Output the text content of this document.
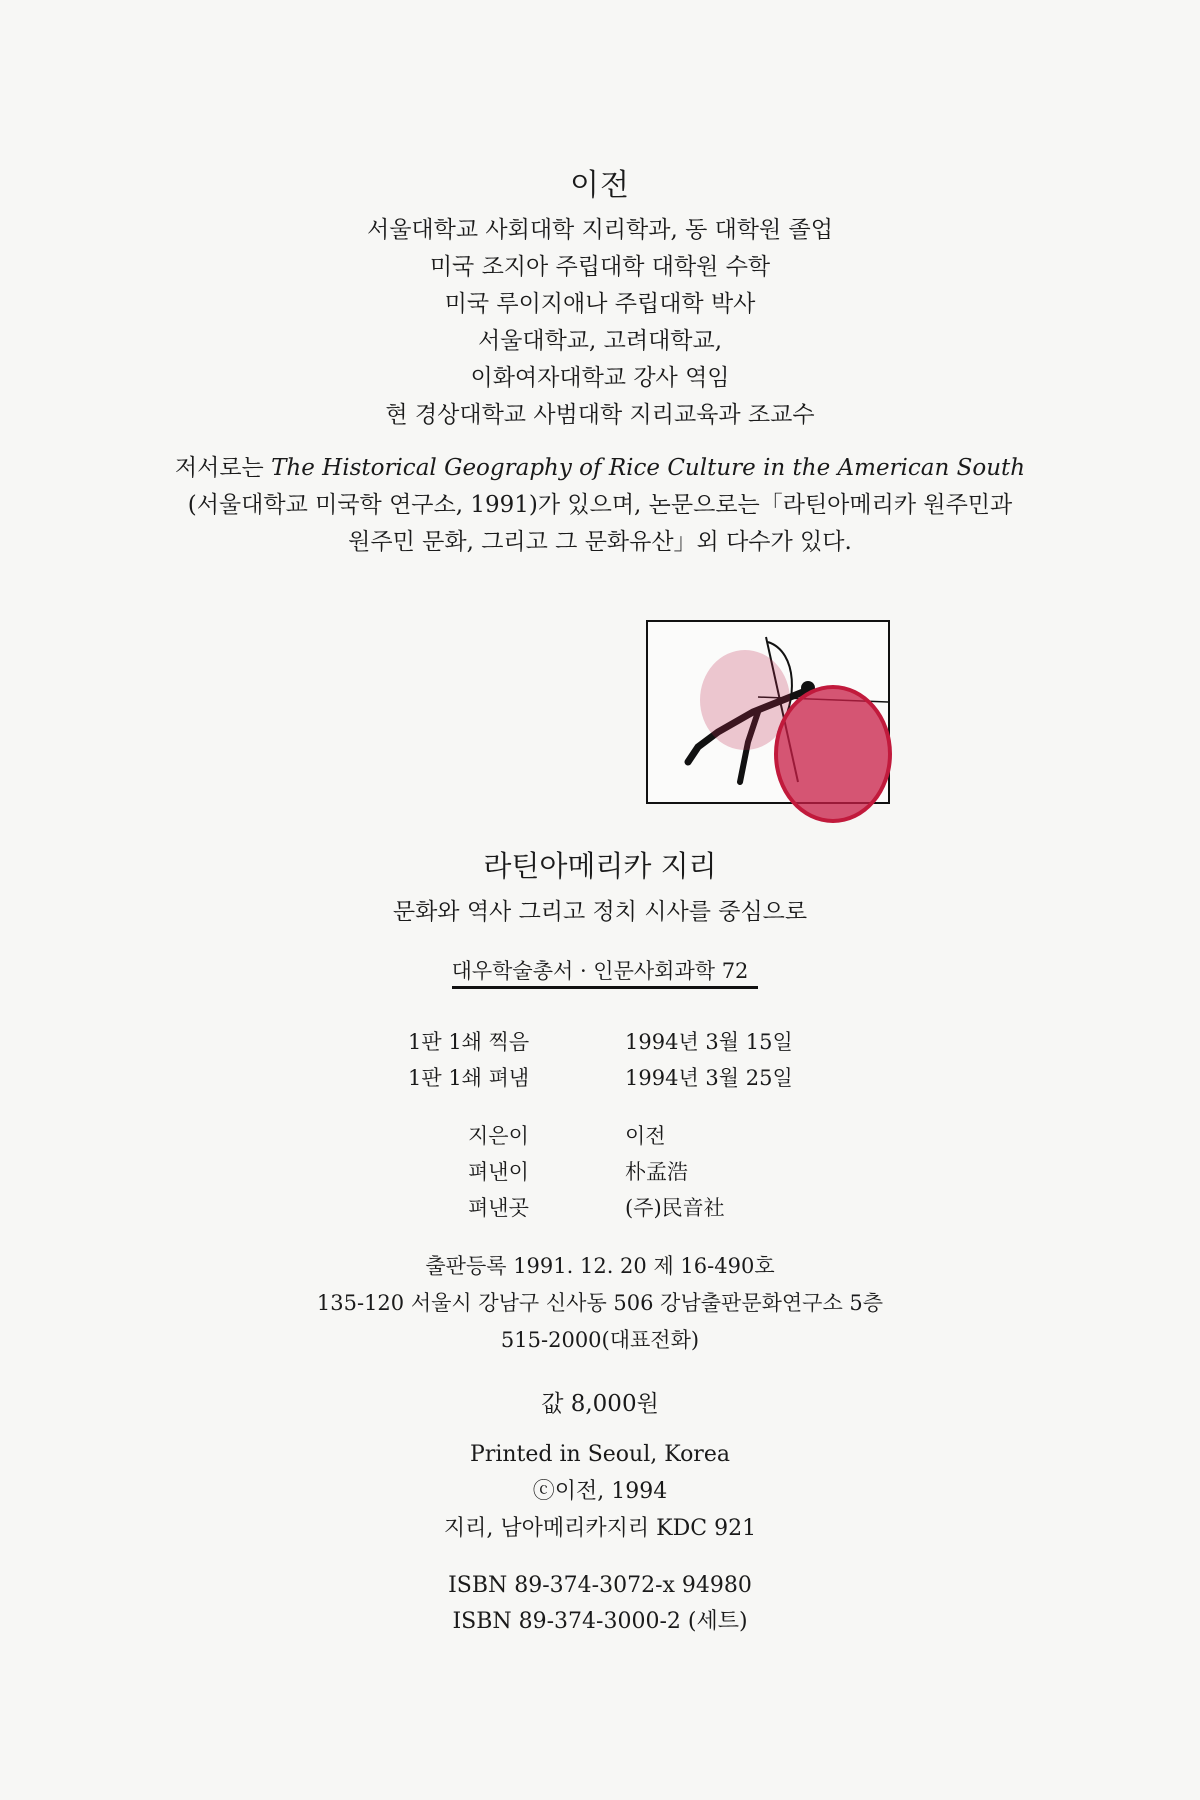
이전
서울대학교 사회대학 지리학과, 동 대학원 졸업
미국 조지아 주립대학 대학원 수학
미국 루이지애나 주립대학 박사
서울대학교, 고려대학교,
이화여자대학교 강사 역임
현 경상대학교 사범대학 지리교육과 조교수
저서로는 The Historical Geography of Rice Culture in the American South
(서울대학교 미국학 연구소, 1991)가 있으며, 논문으로는「라틴아메리카 원주민과
원주민 문화, 그리고 그 문화유산」외 다수가 있다.
라틴아메리카 지리
문화와 역사 그리고 정치 시사를 중심으로
대우학술총서 · 인문사회과학 72
1판 1쇄 찍음	1994년 3월 15일
1판 1쇄 펴냄	1994년 3월 25일
지은이	이전
펴낸이	朴孟浩
펴낸곳	(주)民音社
출판등록 1991. 12. 20 제 16-490호
135-120 서울시 강남구 신사동 506 강남출판문화연구소 5층
515-2000(대표전화)
값 8,000원
Printed in Seoul, Korea
ⓒ이전, 1994
지리, 남아메리카지리 KDC 921
ISBN 89-374-3072-x 94980
ISBN 89-374-3000-2 (세트)
